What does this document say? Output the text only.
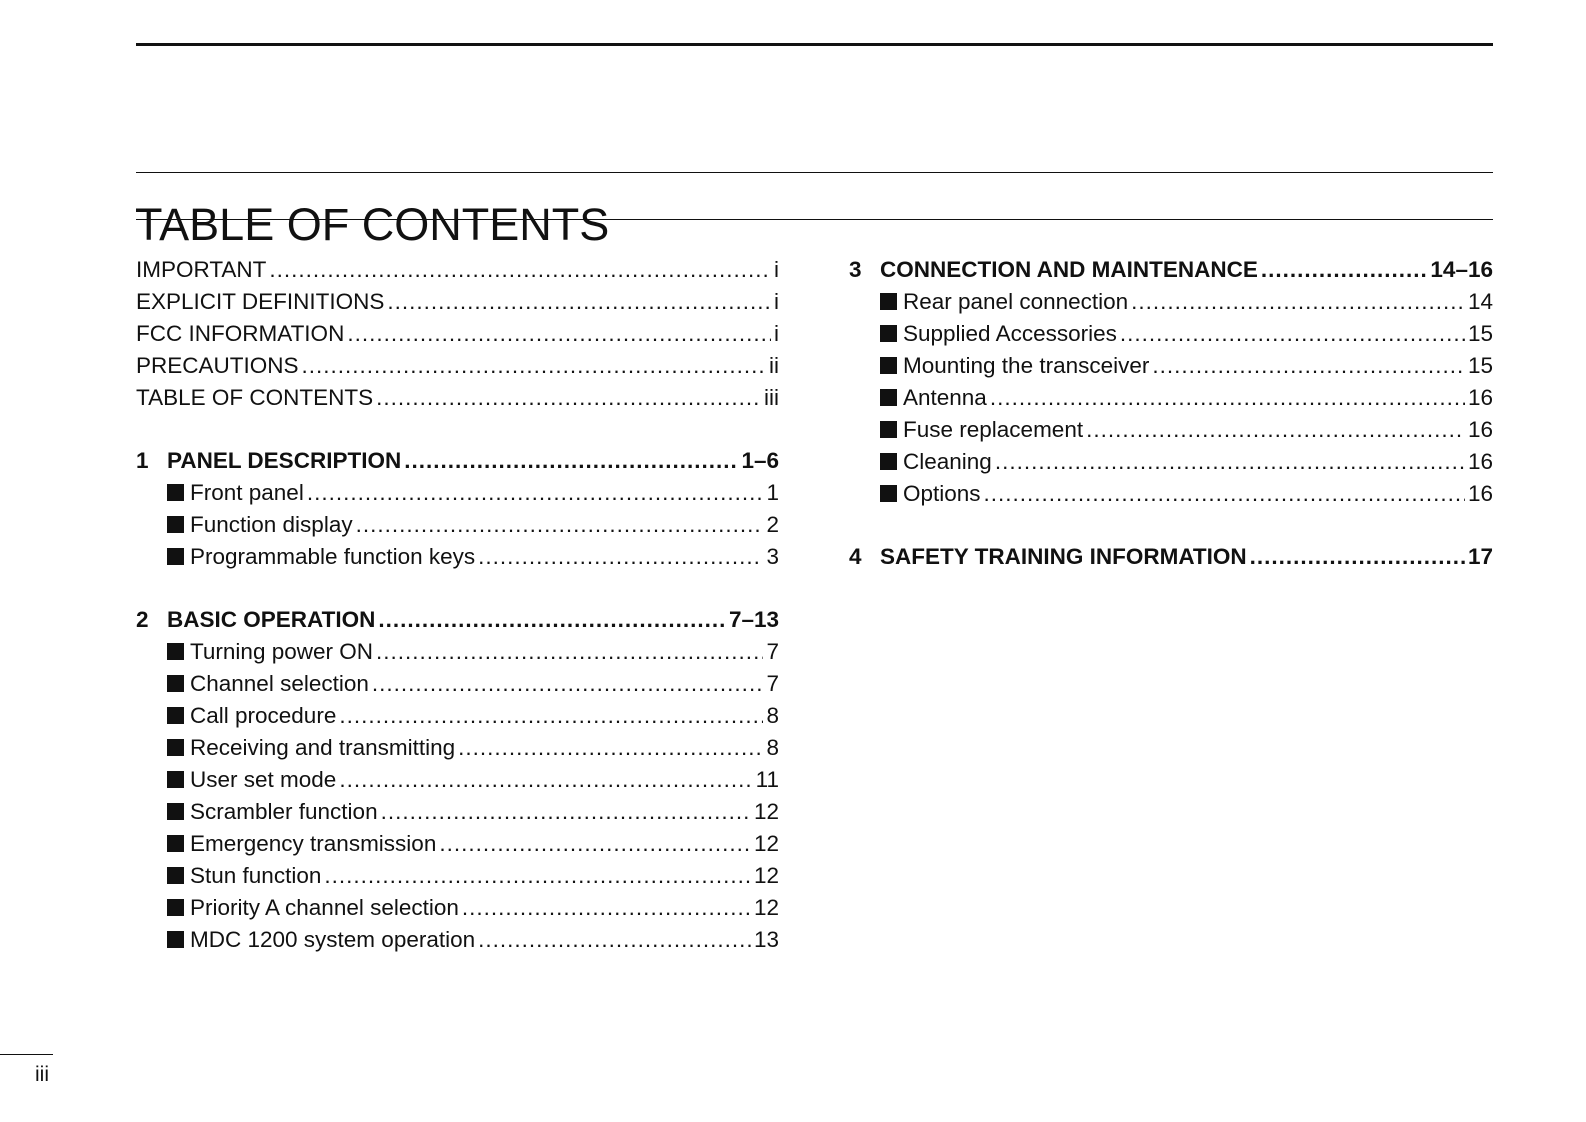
TABLE OF CONTENTS
IMPORTANT .....	i
EXPLICIT DEFINITIONS .....	i
FCC INFORMATION .....	i
PRECAUTIONS .....	ii
TABLE OF CONTENTS .....	iii
1 PANEL DESCRIPTION .....	1–6
Front panel .....	1
Function display .....	2
Programmable function keys .....	3
2 BASIC OPERATION .....	7–13
Turning power ON .....	7
Channel selection .....	7
Call procedure .....	8
Receiving and transmitting .....	8
User set mode .....	11
Scrambler function .....	12
Emergency transmission .....	12
Stun function .....	12
Priority A channel selection .....	12
MDC 1200 system operation .....	13
3 CONNECTION AND MAINTENANCE .....	14–16
Rear panel connection .....	14
Supplied Accessories .....	15
Mounting the transceiver .....	15
Antenna .....	16
Fuse replacement .....	16
Cleaning .....	16
Options .....	16
4 SAFETY TRAINING INFORMATION .....	17
iii
